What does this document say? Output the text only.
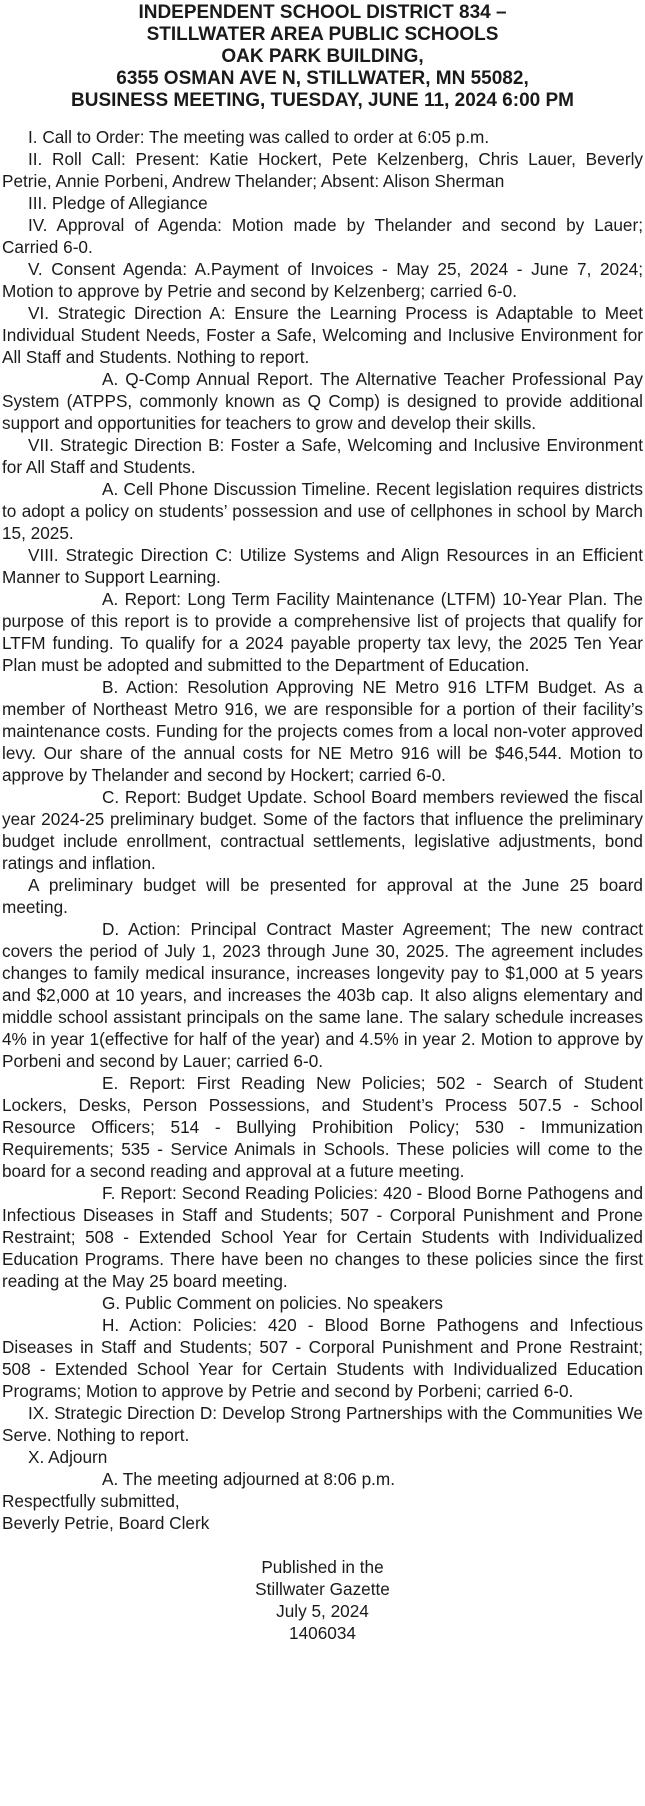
INDEPENDENT SCHOOL DISTRICT 834 –
STILLWATER AREA PUBLIC SCHOOLS
OAK PARK BUILDING,
6355 OSMAN AVE N, STILLWATER, MN 55082,
BUSINESS MEETING, TUESDAY, JUNE 11, 2024 6:00 PM

I. Call to Order: The meeting was called to order at 6:05 p.m.

II. Roll Call: Present: Katie Hockert, Pete Kelzenberg, Chris Lauer, Beverly Petrie, Annie Porbeni, Andrew Thelander; Absent: Alison Sherman

III. Pledge of Allegiance

IV. Approval of Agenda: Motion made by Thelander and second by Lauer; Carried 6-0.

V. Consent Agenda: A.Payment of Invoices - May 25, 2024 - June 7, 2024; Motion to approve by Petrie and second by Kelzenberg; carried 6-0.

VI. Strategic Direction A: Ensure the Learning Process is Adaptable to Meet Individual Student Needs, Foster a Safe, Welcoming and Inclusive Environment for All Staff and Students. Nothing to report.

A. Q-Comp Annual Report. The Alternative Teacher Professional Pay System (ATPPS, commonly known as Q Comp) is designed to provide additional support and opportunities for teachers to grow and develop their skills.

VII. Strategic Direction B: Foster a Safe, Welcoming and Inclusive Environment for All Staff and Students.

A. Cell Phone Discussion Timeline. Recent legislation requires districts to adopt a policy on students’ possession and use of cellphones in school by March 15, 2025.

VIII. Strategic Direction C: Utilize Systems and Align Resources in an Efficient Manner to Support Learning.

A. Report: Long Term Facility Maintenance (LTFM) 10-Year Plan. The purpose of this report is to provide a comprehensive list of projects that qualify for LTFM funding. To qualify for a 2024 payable property tax levy, the 2025 Ten Year Plan must be adopted and submitted to the Department of Education.

B. Action: Resolution Approving NE Metro 916 LTFM Budget. As a member of Northeast Metro 916, we are responsible for a portion of their facility’s maintenance costs. Funding for the projects comes from a local non-voter approved levy. Our share of the annual costs for NE Metro 916 will be $46,544. Motion to approve by Thelander and second by Hockert; carried 6-0.

C. Report: Budget Update. School Board members reviewed the fiscal year 2024-25 preliminary budget. Some of the factors that influence the preliminary budget include enrollment, contractual settlements, legislative adjustments, bond ratings and inflation.

A preliminary budget will be presented for approval at the June 25 board meeting.

D. Action: Principal Contract Master Agreement; The new contract covers the period of July 1, 2023 through June 30, 2025. The agreement includes changes to family medical insurance, increases longevity pay to $1,000 at 5 years and $2,000 at 10 years, and increases the 403b cap. It also aligns elementary and middle school assistant principals on the same lane. The salary schedule increases 4% in year 1(effective for half of the year) and 4.5% in year 2. Motion to approve by Porbeni and second by Lauer; carried 6-0.

E. Report: First Reading New Policies; 502 - Search of Student Lockers, Desks, Person Possessions, and Student’s Process 507.5 - School Resource Officers; 514 - Bullying Prohibition Policy; 530 - Immunization Requirements; 535 - Service Animals in Schools. These policies will come to the board for a second reading and approval at a future meeting.

F. Report: Second Reading Policies: 420 - Blood Borne Pathogens and Infectious Diseases in Staff and Students; 507 - Corporal Punishment and Prone Restraint; 508 - Extended School Year for Certain Students with Individualized Education Programs. There have been no changes to these policies since the first reading at the May 25 board meeting.

G. Public Comment on policies. No speakers

H. Action: Policies: 420 - Blood Borne Pathogens and Infectious Diseases in Staff and Students; 507 - Corporal Punishment and Prone Restraint; 508 - Extended School Year for Certain Students with Individualized Education Programs; Motion to approve by Petrie and second by Porbeni; carried 6-0.

IX. Strategic Direction D: Develop Strong Partnerships with the Communities We Serve. Nothing to report.

X. Adjourn

A. The meeting adjourned at 8:06 p.m.

Respectfully submitted,

Beverly Petrie, Board Clerk

Published in the
Stillwater Gazette
July 5, 2024
1406034
